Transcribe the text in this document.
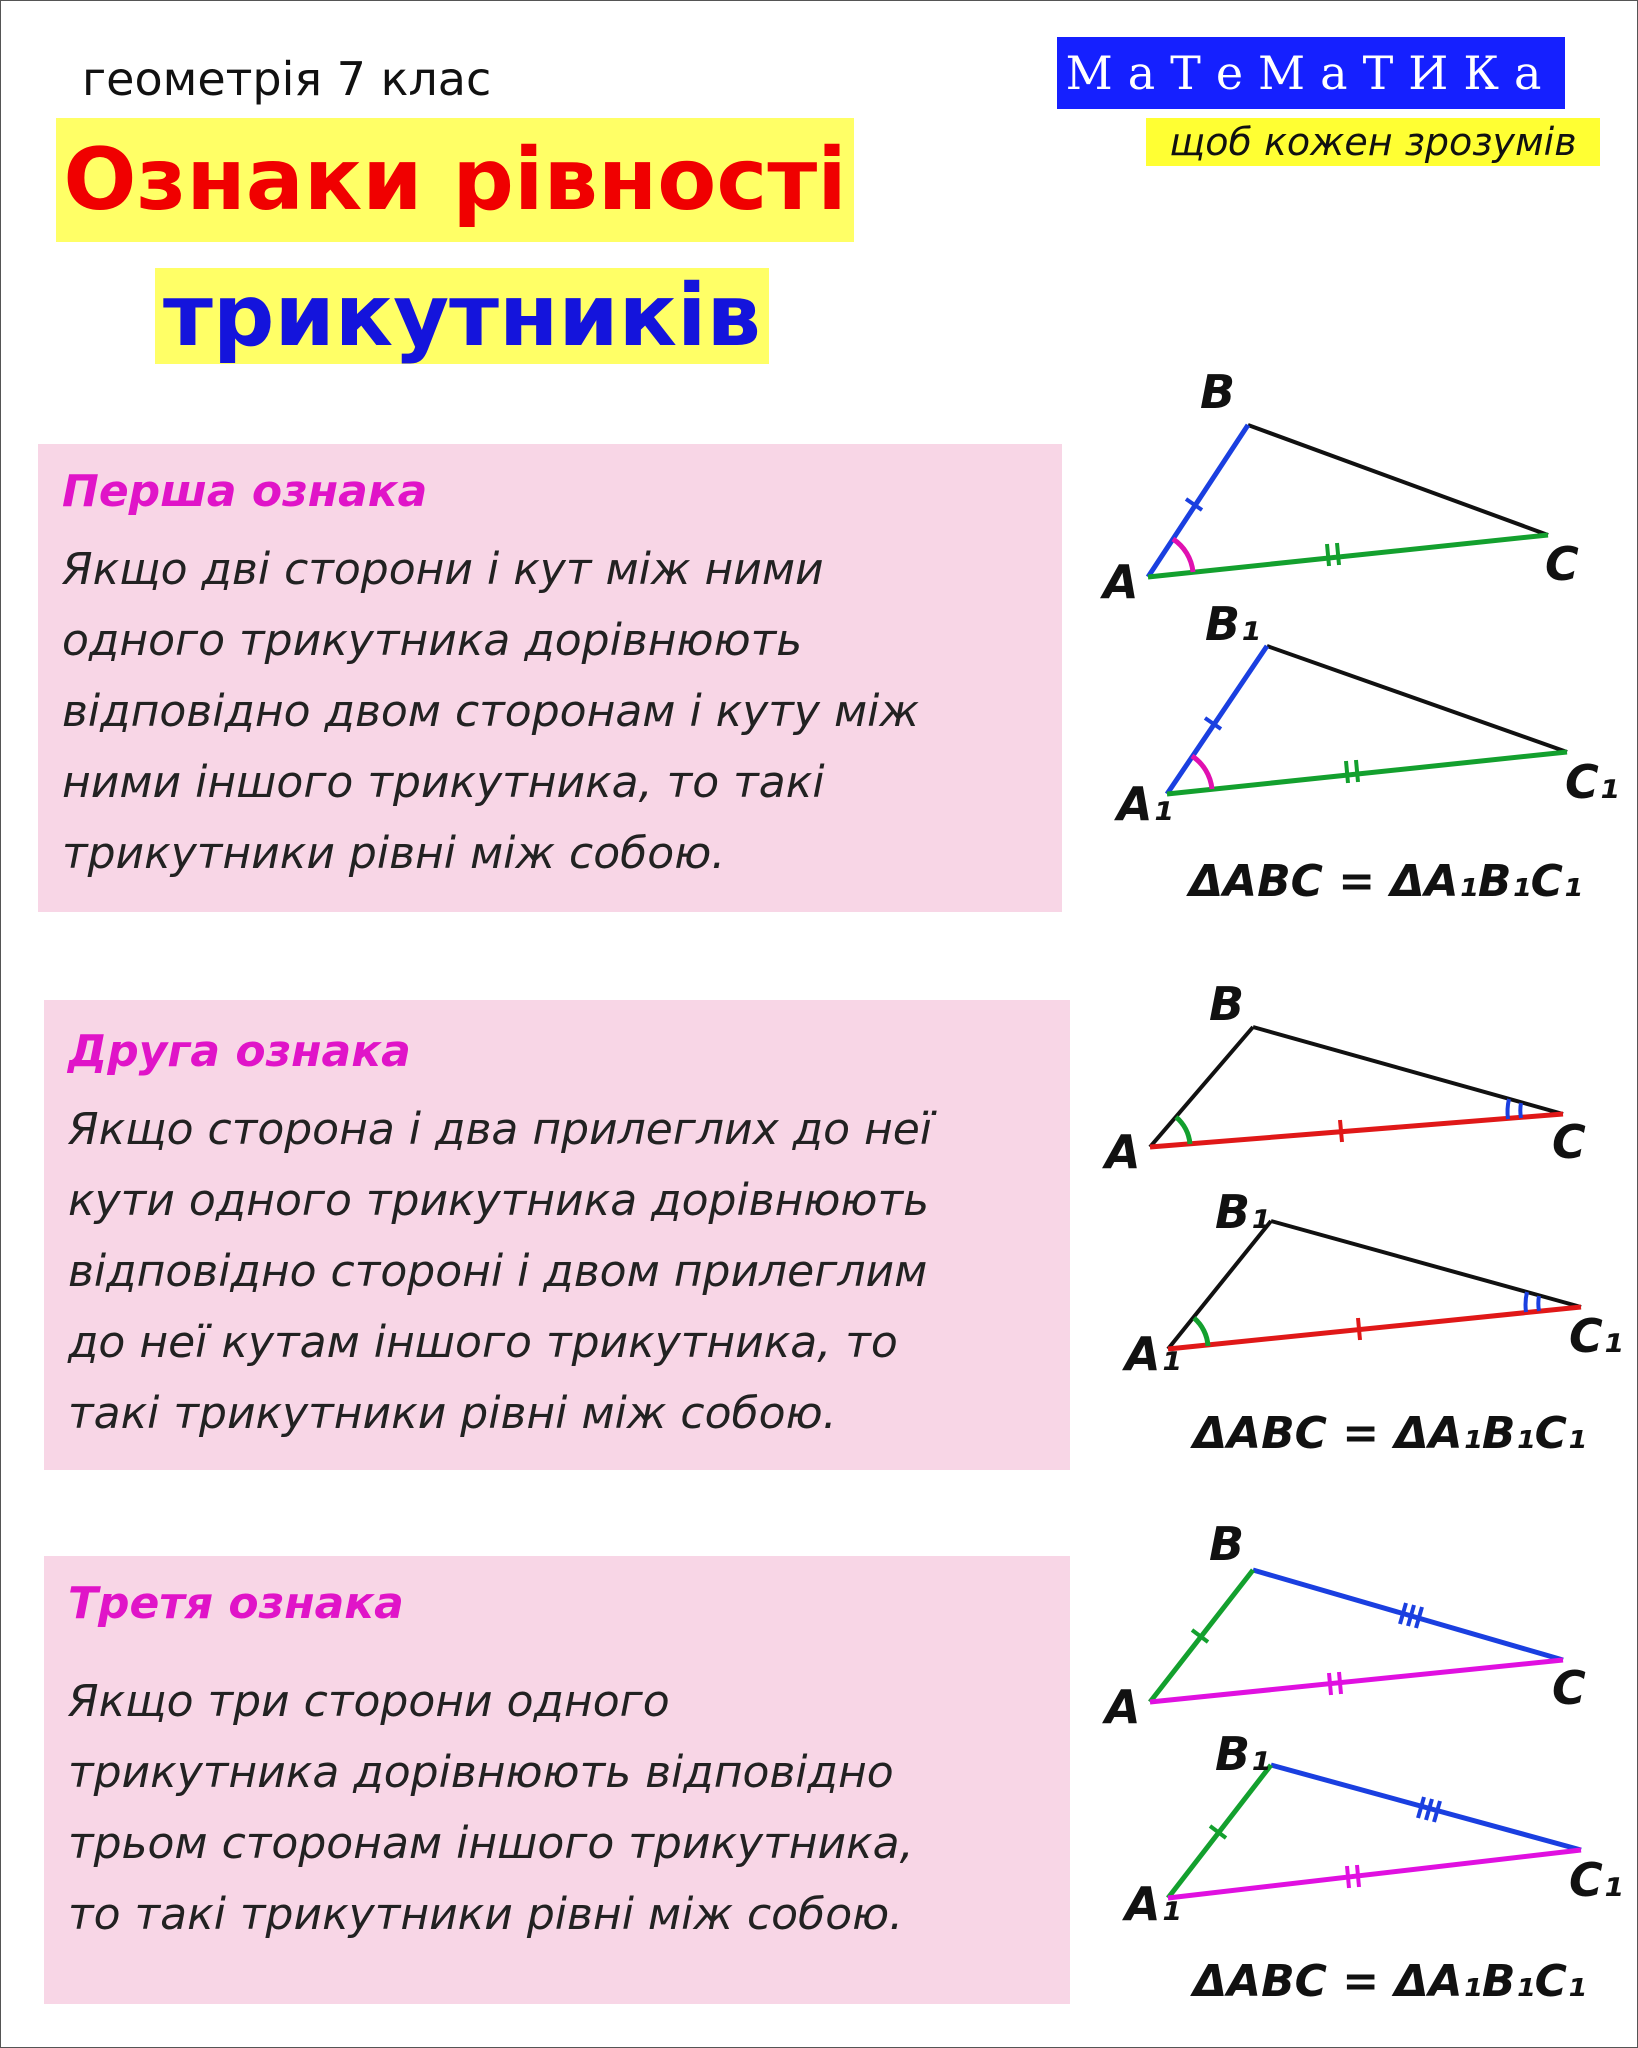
геометрія 7 клас
Ознаки рівності
трикутників
МаТеМаТИКа
щоб кожен зрозумів
Перша ознака
Якщо дві сторони і кут між ними
одного трикутника дорівнюють
відповідно двом сторонам і куту між
ними іншого трикутника, то такі
трикутники рівні між собою.
Друга ознака
Якщо сторона і два прилеглих до неї
кути одного трикутника дорівнюють
відповідно стороні і двом прилеглим
до неї кутам іншого трикутника, то
такі трикутники рівні між собою.
Третя ознака
Якщо три сторони одного
трикутника дорівнюють відповідно
трьом сторонам іншого трикутника,
то такі трикутники рівні між собою.
B
A	C
B₁
A₁	C₁
ΔABC = ΔA₁B₁C₁
B
A	C
B₁
A₁	C₁
ΔABC = ΔA₁B₁C₁
B
A	C
B₁
A₁	C₁
ΔABC = ΔA₁B₁C₁
